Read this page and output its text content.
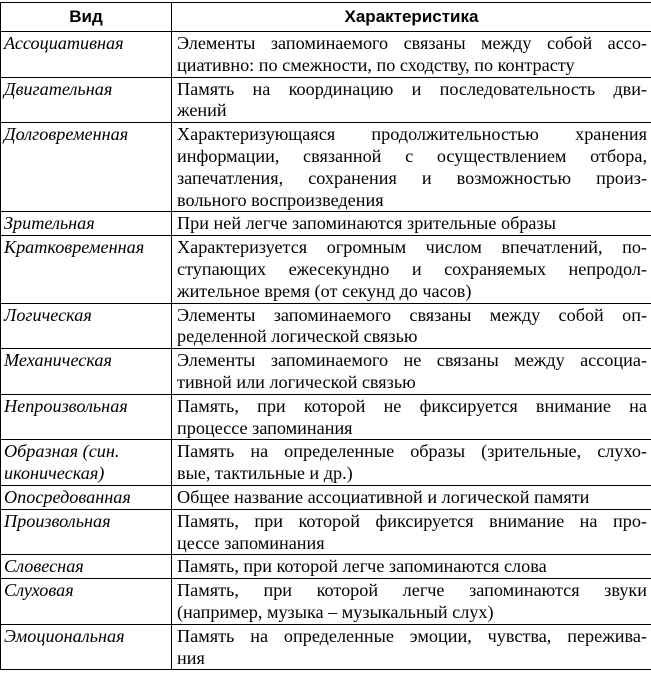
Вид	Характеристика

Ассоциативная	Элементы запоминаемого связаны между собой ассо-
циативно: по смежности, по сходству, по контрасту

Двигательная	Память на координацию и последовательность дви-
жений

Долговременная	Характеризующаяся продолжительностью хранения
информации, связанной с осуществлением отбора,
запечатления, сохранения и возможностью произ-
вольного воспроизведения

Зрительная	При ней легче запоминаются зрительные образы

Кратковременная	Характеризуется огромным числом впечатлений, по-
ступающих ежесекундно и сохраняемых непродол-
жительное время (от секунд до часов)

Логическая	Элементы запоминаемого связаны между собой оп-
ределенной логической связью

Механическая	Элементы запоминаемого не связаны между ассоциа-
тивной или логической связью

Непроизвольная	Память, при которой не фиксируется внимание на
процессе запоминания

Образная (син.
иконическая)	Память на определенные образы (зрительные, слухо-
вые, тактильные и др.)

Опосредованная	Общее название ассоциативной и логической памяти

Произвольная	Память, при которой фиксируется внимание на про-
цессе запоминания

Словесная	Память, при которой легче запоминаются слова

Слуховая	Память, при которой легче запоминаются звуки
(например, музыка – музыкальный слух)

Эмоциональная	Память на определенные эмоции, чувства, пережива-
ния
